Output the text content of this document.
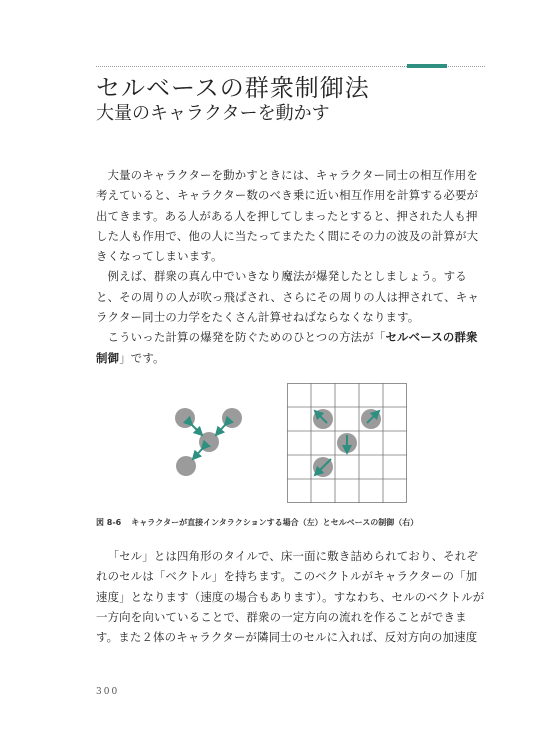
セルベースの群衆制御法
大量のキャラクターを動かす

大量のキャラクターを動かすときには、キャラクター同士の相互作用を考えていると、キャラクター数のべき乗に近い相互作用を計算する必要が出てきます。ある人がある人を押してしまったとすると、押された人も押した人も作用で、他の人に当たってまたたく間にその力の波及の計算が大きくなってしまいます。

例えば、群衆の真ん中でいきなり魔法が爆発したとしましょう。すると、その周りの人が吹っ飛ばされ、さらにその周りの人は押されて、キャラクター同士の力学をたくさん計算せねばならなくなります。

こういった計算の爆発を防ぐためのひとつの方法が「セルベースの群衆制御」です。

図 8-6 キャラクターが直接インタラクションする場合（左）とセルベースの制御（右）

「セル」とは四角形のタイルで、床一面に敷き詰められており、それぞれのセルは「ベクトル」を持ちます。このベクトルがキャラクターの「加速度」となります（速度の場合もあります）。すなわち、セルのベクトルが一方向を向いていることで、群衆の一定方向の流れを作ることができます。また２体のキャラクターが隣同士のセルに入れば、反対方向の加速度

300
